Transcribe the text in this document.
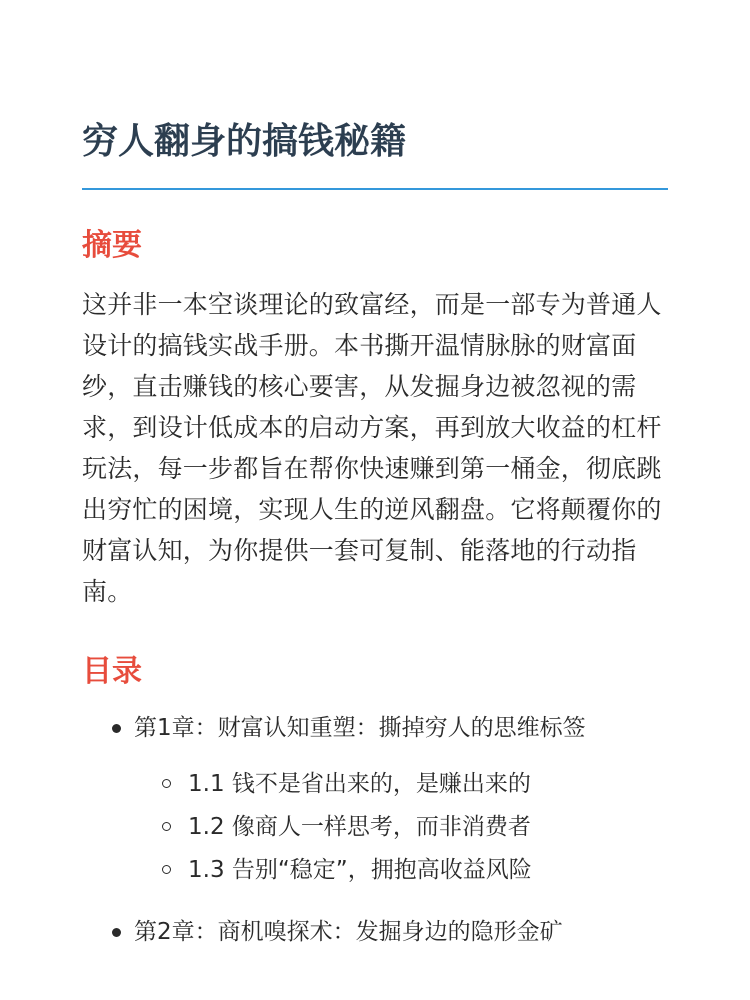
穷人翻身的搞钱秘籍
摘要

这并非一本空谈理论的致富经，而是一部专为普通人设计的搞钱实战手册。本书撕开温情脉脉的财富面纱，直击赚钱的核心要害，从发掘身边被忽视的需求，到设计低成本的启动方案，再到放大收益的杠杆玩法，每一步都旨在帮你快速赚到第一桶金，彻底跳出穷忙的困境，实现人生的逆风翻盘。它将颠覆你的财富认知，为你提供一套可复制、能落地的行动指南。

目录
第1章：财富认知重塑：撕掉穷人的思维标签
1.1 钱不是省出来的，是赚出来的
1.2 像商人一样思考，而非消费者
1.3 告别“稳定”，拥抱高收益风险
第2章：商机嗅探术：发掘身边的隐形金矿
